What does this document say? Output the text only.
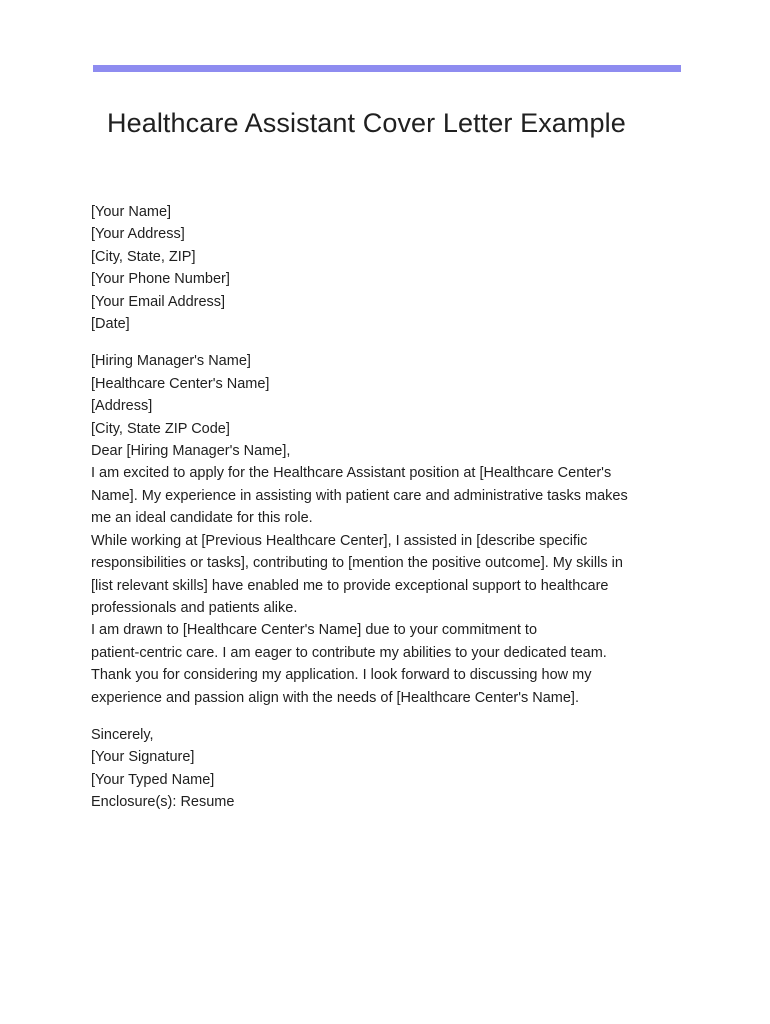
Healthcare Assistant Cover Letter Example
[Your Name]
[Your Address]
[City, State, ZIP]
[Your Phone Number]
[Your Email Address]
[Date]
[Hiring Manager's Name]
[Healthcare Center's Name]
[Address]
[City, State ZIP Code]
Dear [Hiring Manager's Name],

I am excited to apply for the Healthcare Assistant position at [Healthcare Center's
Name]. My experience in assisting with patient care and administrative tasks makes
me an ideal candidate for this role.

While working at [Previous Healthcare Center], I assisted in [describe specific
responsibilities or tasks], contributing to [mention the positive outcome]. My skills in
[list relevant skills] have enabled me to provide exceptional support to healthcare
professionals and patients alike.

I am drawn to [Healthcare Center's Name] due to your commitment to
patient-centric care. I am eager to contribute my abilities to your dedicated team.

Thank you for considering my application. I look forward to discussing how my
experience and passion align with the needs of [Healthcare Center's Name].

Sincerely,
[Your Signature]
[Your Typed Name]
Enclosure(s): Resume
